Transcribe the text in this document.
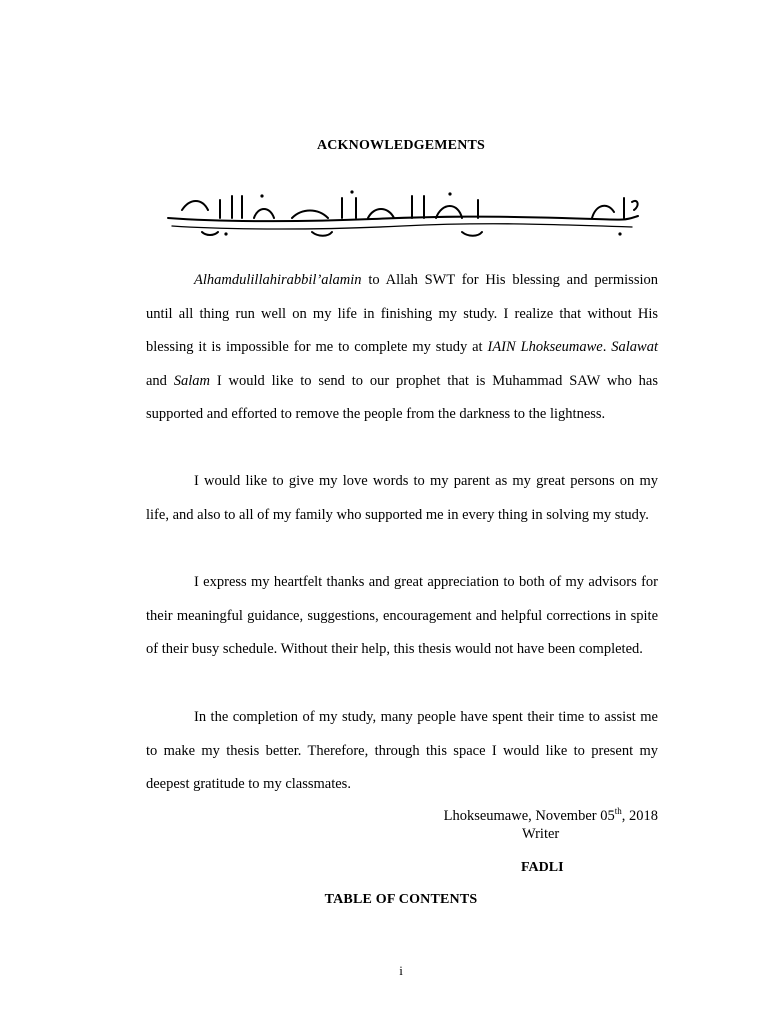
ACKNOWLEDGEMENTS

Alhamdulillahirabbil’alamin to Allah SWT for His blessing and permission until all thing run well on my life in finishing my study. I realize that without His blessing it is impossible for me to complete my study at IAIN Lhokseumawe. Salawat and Salam I would like to send to our prophet that is Muhammad SAW who has supported and efforted to remove the people from the darkness to the lightness.

I would like to give my love words to my parent as my great persons on my life, and also to all of my family who supported me in every thing in solving my study.

I express my heartfelt thanks and great appreciation to both of my advisors for their meaningful guidance, suggestions, encouragement and helpful corrections in spite of their busy schedule. Without their help, this thesis would not have been completed.

In the completion of my study, many people have spent their time to assist me to make my thesis better. Therefore, through this space I would like to present my deepest gratitude to my classmates.

Lhokseumawe, November 05th, 2018
Writer
FADLI
TABLE OF CONTENTS
i
